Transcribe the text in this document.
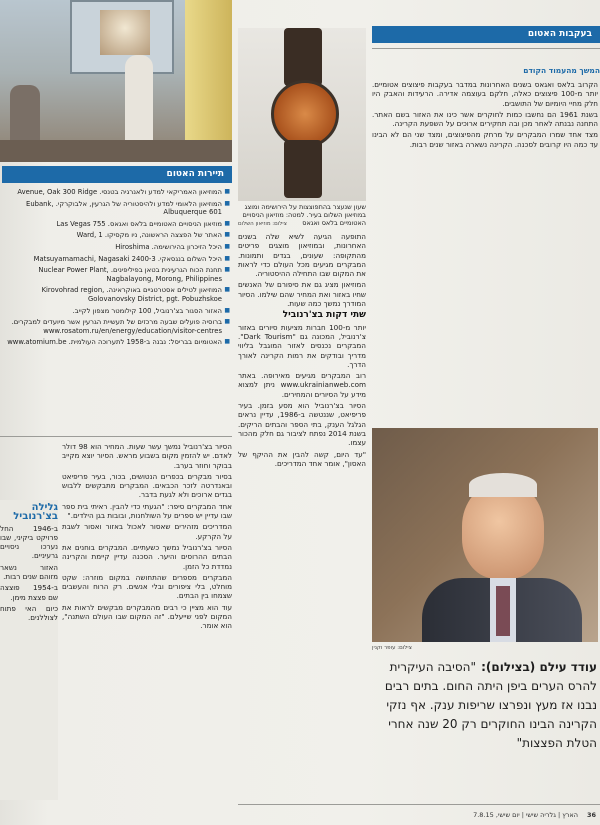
שעון שנעצר בהתפוצצות על הירושימה ומוצג במוזיאון השלום בעיר. למטה: מוזיאון הניסויים האטומיים בלאס ואגאס
צילום: מוזיאון השלום
בעקבות האטום
המשך מהעמוד הקודם

הקרוב בלאס ואגאס בשנים האחרונות במדבר בעקבות פיצוצים אטומיים. יותר מ-100 פיצוצים כאלה, חלקם בעוצמה אדירה. הרעידות והאבק היו חלק מחיי היומיום של התושבים.

בשנת 1961 הם נחשבו כמות לחוקרים אשר כינו את האזור בשם האתר. התחנה נבנתה לאחר מכן ובה תחקירים ארוכים על השפעת הקרינה.

מצד אחד שמרו המבקרים על מרחק מהפיצוצים, ומצד שני הם לא הבינו עד כמה היו קרובים לסכנה. הקרינה נשארה באזור שנים רבות.

צילום: עופר וקנין
עודד עילם (בצילום): "הסיבה העיקרית להרס הערים ביפן היתה החום. בתים רבים נבנו אז מעץ ונפרצו שריפות ענק. אף נזקי הקרינה הבינו החוקרים רק 20 שנה אחרי הטלת הפצצות"

התופעה הגיעה לשיא שלה בשנים האחרונות, ובמוזיאון מוצגים פריטים מהתקופה: שעונים, בגדים ותמונות. המבקרים מגיעים מכל העולם כדי לראות את המקום שבו התחילה ההיסטוריה.

המוזיאון מציג גם את סיפורם של האנשים שחיו באזור ואת המחיר שהם שילמו. הסיור המודרך נמשך כמה שעות.

שתי דקות בצ'רנוביל

יותר מ-100 חברות מציעות סיורים באזור צ'רנוביל, המכונה גם "Dark Tourism". המבקרים נכנסים לאזור המוגבל בליווי מדריך ובודקים את רמות הקרינה לאורך הדרך.

רוב המבקרים מגיעים מאירופה. באתר www.ukrainianweb.com ניתן למצוא מידע על הסיורים והמחירים.

הסיור בצ'רנוביל הוא מסע בזמן. בעיר פריפיאט, שננטשה ב-1986, עדיין נראים הגלגל הענק, בתי הספר והבתים הריקים. בשנת 2014 נפתח לציבור גם חלק מהכור עצמו.

"עד היום, קשה להבין את ההיקף של האסון", אומר אחד המדריכים.

תיירות האטום
■ המוזיאון האמריקאי למדע ולאנרגיה בטנסי. Avenue, Oak 300 Ridge
■ המוזיאון הלאומי למדע ולהיסטוריה של הגרעין, אלבוקרקי. Eubank, Albuquerque 601
■ מוזיאון הניסויים האטומיים בלאס ואגאס. Las Vegas 755
■ האתר של הפצצה הראשונה, ניו מקסיקו. Ward, 1
■ היכל הזיכרון בהירושימה. Hiroshima
■ היכל השלום בנגסאקי. Matsuyamamachi, Nagasaki 2400-3
■ תחנת הכוח הגרעינית בטאן בפיליפינים. Nuclear Power Plant, Nagbalayong, Morong, Philippines
■ המוזיאון לטילים אסטרטגיים באוקראינה. Kirovohrad region, Golovanovsky District, pgt. Pobuzhskoe
■ האזור הסגור בצ'רנוביל, 100 קילומטר מצפון לקייב.
■ ברוסיה פועלים שבעה מרכזים של תעשיית הגרעין אשר מיועדים למבקרים. www.rosatom.ru/en/energy/education/visitor-centres
■ האטומיום בבריסל: נבנה ב-1958 לתערוכה העולמית. www.atomium.be

הסיור בצ'רנוביל נמשך עשר שעות. המחיר הוא 98 דולר לאדם. יש להזמין מקום בשבוע מראש. הסיור יוצא מקייב בבוקר וחוזר בערב.

בסיור מבקרים בכפרים הנטושים, בכור, בעיר פריפיאט ובאנדרטה לזכר הכבאים. המבקרים מתבקשים ללבוש בגדים ארוכים ולא לגעת בדבר.

אחד המבקרים סיפר: "הגעתי כדי להבין. ראיתי בית ספר שבו עדיין יש ספרים על השולחנות, ובובות בגן הילדים."

המדריכים מזהירים שאסור לאכול באזור ואסור לשבת על הקרקע.

הסיור בצ'רנוביל נמשך כשעתיים. המבקרים בוחנים את הבתים ההרוסים והיער. הסכנה עדיין קיימת והקרינה נמדדת כל הזמן.

המבקרים מספרים שהתחושה במקום מוזרה: שקט מוחלט, בלי ציפורים ובלי אנשים. רק הרוח והעשבים שצמחו בין הבתים.

עוד הוא מציין כי רבים מהמבקרים מבקשים לראות את המקום לפני שייעלם. "זה המקום שבו העולם השתנה", הוא אומר.

גלילה בצ'רנוביל

ב-1946 החל פרויקט ביקיני, שבו נערכו ניסויים גרעיניים.

האזור נשאר מזוהם שנים רבות.

ב-1954 פוצצה שם פצצת מימן.

כיום האי פתוח לצוללנים.

הארץ | גלריה שישי | יום שישי, 7.8.15 36
